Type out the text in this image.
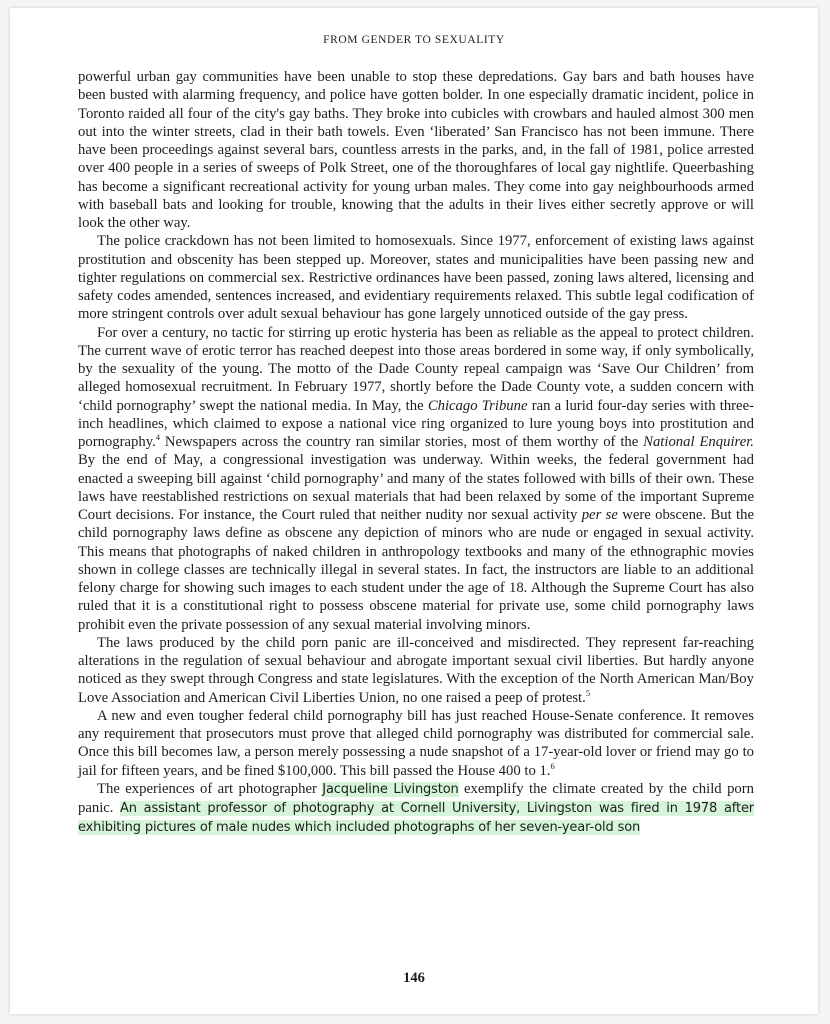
FROM GENDER TO SEXUALITY

powerful urban gay communities have been unable to stop these depredations. Gay bars and bath houses have been busted with alarming frequency, and police have gotten bolder. In one especially dramatic incident, police in Toronto raided all four of the city's gay baths. They broke into cubicles with crowbars and hauled almost 300 men out into the winter streets, clad in their bath towels. Even ‘liberated’ San Francisco has not been immune. There have been proceedings against several bars, countless arrests in the parks, and, in the fall of 1981, police arrested over 400 people in a series of sweeps of Polk Street, one of the thoroughfares of local gay nightlife. Queerbashing has become a significant recreational activity for young urban males. They come into gay neighbourhoods armed with baseball bats and looking for trouble, knowing that the adults in their lives either secretly approve or will look the other way.

The police crackdown has not been limited to homosexuals. Since 1977, enforcement of existing laws against prostitution and obscenity has been stepped up. Moreover, states and municipalities have been passing new and tighter regulations on commercial sex. Restrictive ordinances have been passed, zoning laws altered, licensing and safety codes amended, sentences increased, and evidentiary requirements relaxed. This subtle legal codification of more stringent controls over adult sexual behaviour has gone largely unnoticed outside of the gay press.

For over a century, no tactic for stirring up erotic hysteria has been as reliable as the appeal to protect children. The current wave of erotic terror has reached deepest into those areas bordered in some way, if only symbolically, by the sexuality of the young. The motto of the Dade County repeal campaign was ‘Save Our Children’ from alleged homosexual recruitment. In February 1977, shortly before the Dade County vote, a sudden concern with ‘child pornography’ swept the national media. In May, the Chicago Tribune ran a lurid four-day series with three-inch headlines, which claimed to expose a national vice ring organized to lure young boys into prostitution and pornography.$^4$ Newspapers across the country ran similar stories, most of them worthy of the National Enquirer. By the end of May, a congressional investigation was underway. Within weeks, the federal government had enacted a sweeping bill against ‘child pornography’ and many of the states followed with bills of their own. These laws have reestablished restrictions on sexual materials that had been relaxed by some of the important Supreme Court decisions. For instance, the Court ruled that neither nudity nor sexual activity per se were obscene. But the child pornography laws define as obscene any depiction of minors who are nude or engaged in sexual activity. This means that photographs of naked children in anthropology textbooks and many of the ethnographic movies shown in college classes are technically illegal in several states. In fact, the instructors are liable to an additional felony charge for showing such images to each student under the age of 18. Although the Supreme Court has also ruled that it is a constitutional right to possess obscene material for private use, some child pornography laws prohibit even the private possession of any sexual material involving minors.

The laws produced by the child porn panic are ill-conceived and misdirected. They represent far-reaching alterations in the regulation of sexual behaviour and abrogate important sexual civil liberties. But hardly anyone noticed as they swept through Congress and state legislatures. With the exception of the North American Man/Boy Love Association and American Civil Liberties Union, no one raised a peep of protest.$^5$

A new and even tougher federal child pornography bill has just reached House-Senate conference. It removes any requirement that prosecutors must prove that alleged child pornography was distributed for commercial sale. Once this bill becomes law, a person merely possessing a nude snapshot of a 17-year-old lover or friend may go to jail for fifteen years, and be fined $100,000. This bill passed the House 400 to 1.$^6$

The experiences of art photographer Jacqueline Livingston exemplify the climate created by the child porn panic. An assistant professor of photography at Cornell University, Livingston was fired in 1978 after exhibiting pictures of male nudes which included photographs of her seven-year-old son

146
